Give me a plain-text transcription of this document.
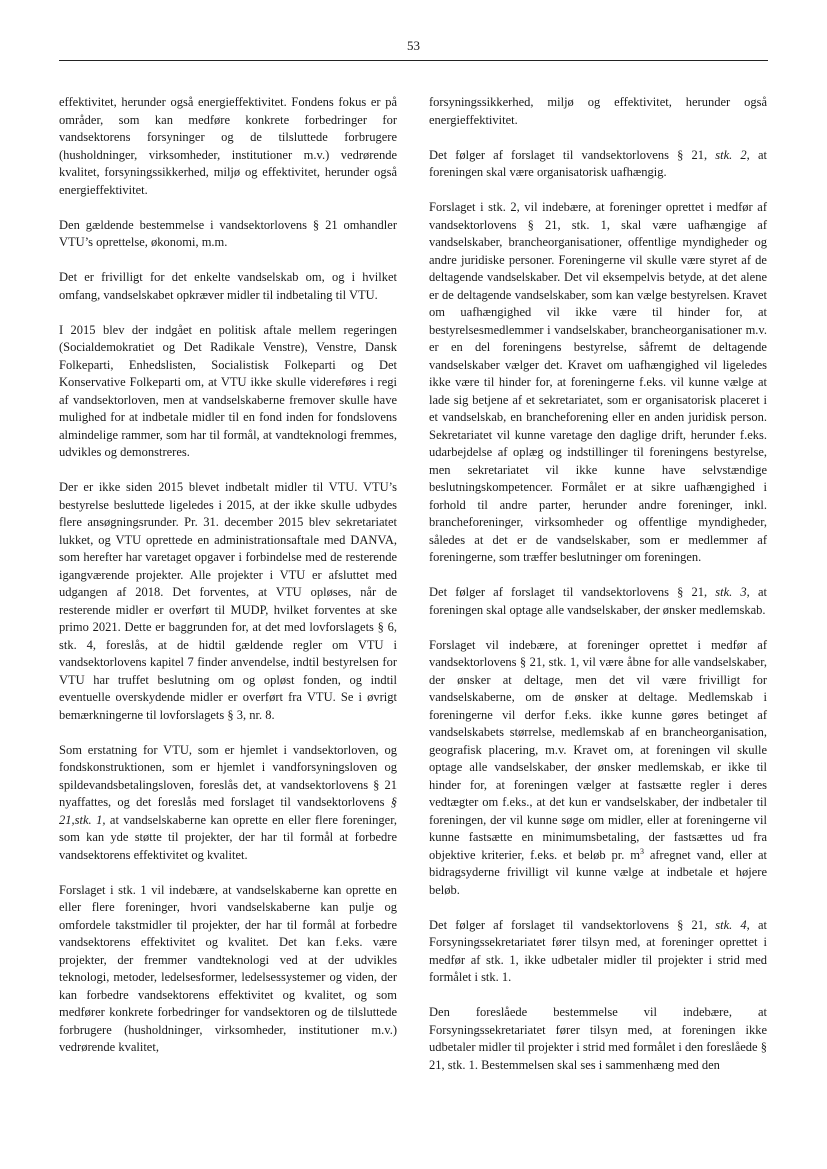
53

effektivitet, herunder også energieffektivitet. Fondens fokus er på områder, som kan medføre konkrete forbedringer for vandsektorens forsyninger og de tilsluttede forbrugere (husholdninger, virksomheder, institutioner m.v.) vedrørende kvalitet, forsyningssikkerhed, miljø og effektivitet, herunder også energieffektivitet.

Den gældende bestemmelse i vandsektorlovens § 21 omhandler VTU’s oprettelse, økonomi, m.m.

Det er frivilligt for det enkelte vandselskab om, og i hvilket omfang, vandselskabet opkræver midler til indbetaling til VTU.

I 2015 blev der indgået en politisk aftale mellem regeringen (Socialdemokratiet og Det Radikale Venstre), Venstre, Dansk Folkeparti, Enhedslisten, Socialistisk Folkeparti og Det Konservative Folkeparti om, at VTU ikke skulle videreføres i regi af vandsektorloven, men at vandselskaberne fremover skulle have mulighed for at indbetale midler til en fond inden for fondslovens almindelige rammer, som har til formål, at vandteknologi fremmes, udvikles og demonstreres.

Der er ikke siden 2015 blevet indbetalt midler til VTU. VTU’s bestyrelse besluttede ligeledes i 2015, at der ikke skulle udbydes flere ansøgningsrunder. Pr. 31. december 2015 blev sekretariatet lukket, og VTU oprettede en administrationsaftale med DANVA, som herefter har varetaget opgaver i forbindelse med de resterende igangværende projekter. Alle projekter i VTU er afsluttet med udgangen af 2018. Det forventes, at VTU opløses, når de resterende midler er overført til MUDP, hvilket forventes at ske primo 2021. Dette er baggrunden for, at det med lovforslagets § 6, stk. 4, foreslås, at de hidtil gældende regler om VTU i vandsektorlovens kapitel 7 finder anvendelse, indtil bestyrelsen for VTU har truffet beslutning om og opløst fonden, og indtil eventuelle overskydende midler er overført fra VTU. Se i øvrigt bemærkningerne til lovforslagets § 3, nr. 8.

Som erstatning for VTU, som er hjemlet i vandsektorloven, og fondskonstruktionen, som er hjemlet i vandforsyningsloven og spildevandsbetalingsloven, foreslås det, at vandsektorlovens § 21 nyaffattes, og det foreslås med forslaget til vandsektorlovens § 21,stk. 1, at vandselskaberne kan oprette en eller flere foreninger, som kan yde støtte til projekter, der har til formål at forbedre vandsektorens effektivitet og kvalitet.

Forslaget i stk. 1 vil indebære, at vandselskaberne kan oprette en eller flere foreninger, hvori vandselskaberne kan pulje og omfordele takstmidler til projekter, der har til formål at forbedre vandsektorens effektivitet og kvalitet. Det kan f.eks. være projekter, der fremmer vandteknologi ved at der udvikles teknologi, metoder, ledelsesformer, ledelsessystemer og viden, der kan forbedre vandsektorens effektivitet og kvalitet, og som medfører konkrete forbedringer for vandsektoren og de tilsluttede forbrugere (husholdninger, virksomheder, institutioner m.v.) vedrørende kvalitet,

forsyningssikkerhed, miljø og effektivitet, herunder også energieffektivitet.

Det følger af forslaget til vandsektorlovens § 21, stk. 2, at foreningen skal være organisatorisk uafhængig.

Forslaget i stk. 2, vil indebære, at foreninger oprettet i medfør af vandsektorlovens § 21, stk. 1, skal være uafhængige af vandselskaber, brancheorganisationer, offentlige myndigheder og andre juridiske personer. Foreningerne vil skulle være styret af de deltagende vandselskaber. Det vil eksempelvis betyde, at det alene er de deltagende vandselskaber, som kan vælge bestyrelsen. Kravet om uafhængighed vil ikke være til hinder for, at bestyrelsesmedlemmer i vandselskaber, brancheorganisationer m.v. er en del foreningens bestyrelse, såfremt de deltagende vandselskaber vælger det. Kravet om uafhængighed vil ligeledes ikke være til hinder for, at foreningerne f.eks. vil kunne vælge at lade sig betjene af et sekretariatet, som er organisatorisk placeret i et vandselskab, en brancheforening eller en anden juridisk person. Sekretariatet vil kunne varetage den daglige drift, herunder f.eks. udarbejdelse af oplæg og indstillinger til foreningens bestyrelse, men sekretariatet vil ikke kunne have selvstændige beslutningskompetencer. Formålet er at sikre uafhængighed i forhold til andre parter, herunder andre foreninger, inkl. brancheforeninger, virksomheder og offentlige myndigheder, således at det er de vandselskaber, som er medlemmer af foreningerne, som træffer beslutninger om foreningen.

Det følger af forslaget til vandsektorlovens § 21, stk. 3, at foreningen skal optage alle vandselskaber, der ønsker medlemskab.

Forslaget vil indebære, at foreninger oprettet i medfør af vandsektorlovens § 21, stk. 1, vil være åbne for alle vandselskaber, der ønsker at deltage, men det vil være frivilligt for vandselskaberne, om de ønsker at deltage. Medlemskab i foreningerne vil derfor f.eks. ikke kunne gøres betinget af vandselskabets størrelse, medlemskab af en brancheorganisation, geografisk placering, m.v. Kravet om, at foreningen vil skulle optage alle vandselskaber, der ønsker medlemskab, er ikke til hinder for, at foreningen vælger at fastsætte regler i deres vedtægter om f.eks., at det kun er vandselskaber, der indbetaler til foreningen, der vil kunne søge om midler, eller at foreningerne vil kunne fastsætte en minimumsbetaling, der fastsættes ud fra objektive kriterier, f.eks. et beløb pr. $m^3$ afregnet vand, eller at bidragsyderne frivilligt vil kunne vælge at indbetale et højere beløb.

Det følger af forslaget til vandsektorlovens § 21, stk. 4, at Forsyningssekretariatet fører tilsyn med, at foreninger oprettet i medfør af stk. 1, ikke udbetaler midler til projekter i strid med formålet i stk. 1.

Den foreslåede bestemmelse vil indebære, at Forsyningssekretariatet fører tilsyn med, at foreningen ikke udbetaler midler til projekter i strid med formålet i den foreslåede § 21, stk. 1. Bestemmelsen skal ses i sammenhæng med den
